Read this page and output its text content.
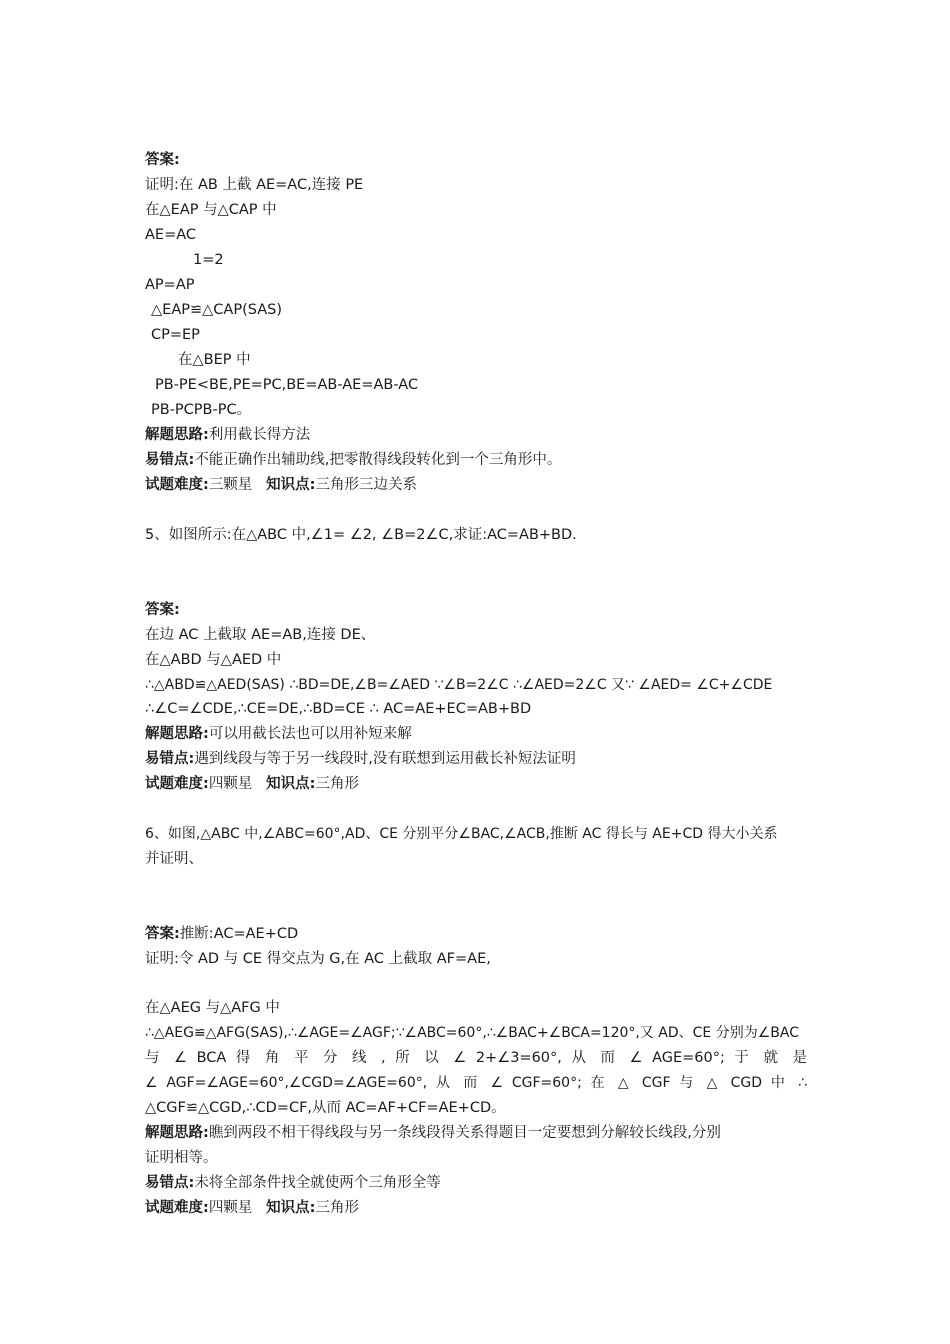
答案:
证明:在 AB 上截 AE=AC,连接 PE
在△EAP 与△CAP 中
AE=AC
1=2
AP=AP
△EAP≌△CAP(SAS)
CP=EP
在△BEP 中
PB-PE<BE,PE=PC,BE=AB-AE=AB-AC
PB-PCPB-PC。
解题思路:利用截长得方法
易错点:不能正确作出辅助线,把零散得线段转化到一个三角形中。
试题难度:三颗星 知识点:三角形三边关系
5、如图所示:在△ABC 中,∠1= ∠2, ∠B=2∠C,求证:AC=AB+BD.
答案:
在边 AC 上截取 AE=AB,连接 DE、
在△ABD 与△AED 中
∴△ABD≌△AED(SAS) ∴BD=DE,∠B=∠AED ∵∠B=2∠C ∴∠AED=2∠C 又∵ ∠AED= ∠C+∠CDE
∴∠C=∠CDE,∴CE=DE,∴BD=CE ∴ AC=AE+EC=AB+BD
解题思路:可以用截长法也可以用补短来解
易错点:遇到线段与等于另一线段时,没有联想到运用截长补短法证明
试题难度:四颗星 知识点:三角形
6、如图,△ABC 中,∠ABC=60°,AD、CE 分别平分∠BAC,∠ACB,推断 AC 得长与 AE+CD 得大小关系
并证明、
答案:推断:AC=AE+CD
证明:令 AD 与 CE 得交点为 G,在 AC 上截取 AF=AE,
在△AEG 与△AFG 中
∴△AEG≌△AFG(SAS),∴∠AGE=∠AGF;∵∠ABC=60°,∴∠BAC+∠BCA=120°,又 AD、CE 分别为∠BAC
与 ∠ BCA 得 角 平 分 线 , 所 以 ∠ 2+∠3=60°, 从 而 ∠ AGE=60°; 于 就 是
∠ AGF=∠AGE=60°,∠CGD=∠AGE=60°, 从 而 ∠ CGF=60°; 在 △ CGF 与 △ CGD 中 ∴
△CGF≌△CGD,∴CD=CF,从而 AC=AF+CF=AE+CD。
解题思路:瞧到两段不相干得线段与另一条线段得关系得题目一定要想到分解较长线段,分别
证明相等。
易错点:未将全部条件找全就使两个三角形全等
试题难度:四颗星 知识点:三角形
